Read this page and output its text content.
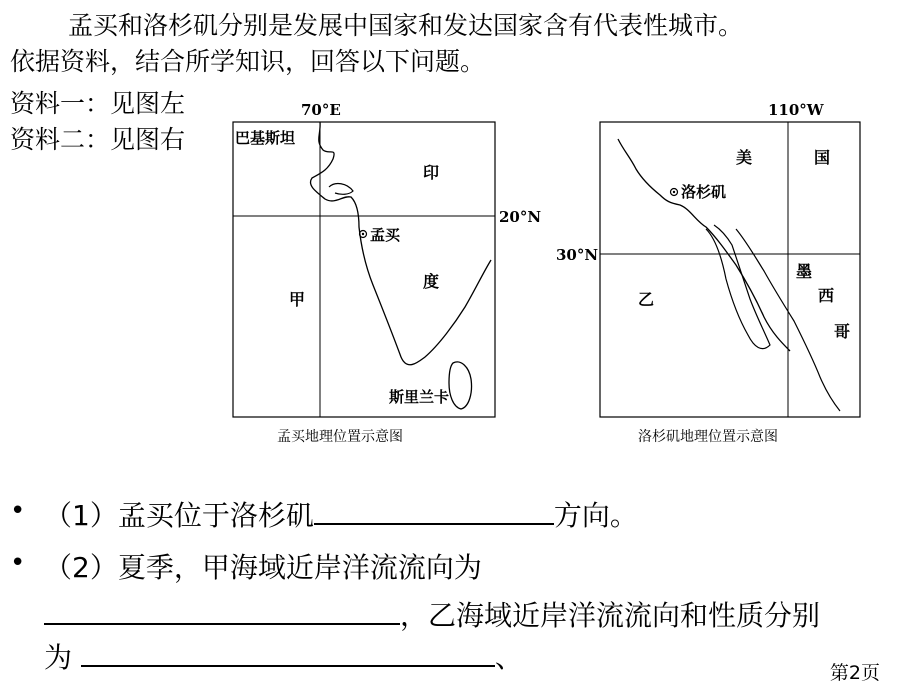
孟买和洛杉矶分别是发展中国家和发达国家含有代表性城市。
依据资料，结合所学知识，回答以下问题。
资料一：见图左
资料二：见图右
70°E
20°N
巴基斯坦
印
度
孟买
甲
斯里兰卡
孟买地理位置示意图
110°W
30°N
美	国
洛杉矶
乙
墨
西
哥
洛杉矶地理位置示意图
• （1）孟买位于洛杉矶	方向。
• （2）夏季，甲海域近岸洋流流向为
，乙海域近岸洋流流向和性质分别
为	、	第2页
